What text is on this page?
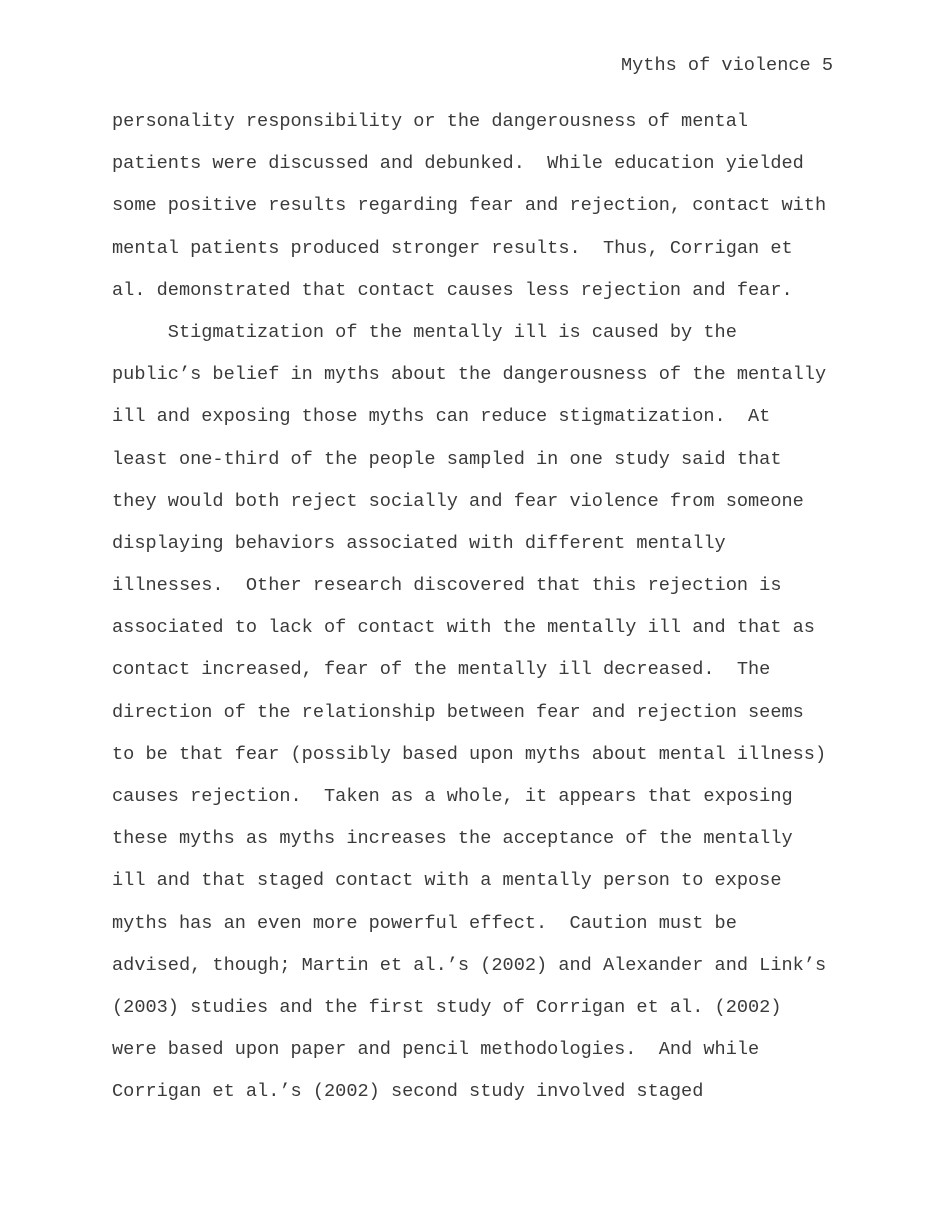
Myths of violence 5
personality responsibility or the dangerousness of mental
patients were discussed and debunked.  While education yielded
some positive results regarding fear and rejection, contact with
mental patients produced stronger results.  Thus, Corrigan et
al. demonstrated that contact causes less rejection and fear.
Stigmatization of the mentally ill is caused by the
public’s belief in myths about the dangerousness of the mentally
ill and exposing those myths can reduce stigmatization.  At
least one-third of the people sampled in one study said that
they would both reject socially and fear violence from someone
displaying behaviors associated with different mentally
illnesses.  Other research discovered that this rejection is
associated to lack of contact with the mentally ill and that as
contact increased, fear of the mentally ill decreased.  The
direction of the relationship between fear and rejection seems
to be that fear (possibly based upon myths about mental illness)
causes rejection.  Taken as a whole, it appears that exposing
these myths as myths increases the acceptance of the mentally
ill and that staged contact with a mentally person to expose
myths has an even more powerful effect.  Caution must be
advised, though; Martin et al.’s (2002) and Alexander and Link’s
(2003) studies and the first study of Corrigan et al. (2002)
were based upon paper and pencil methodologies.  And while
Corrigan et al.’s (2002) second study involved staged
